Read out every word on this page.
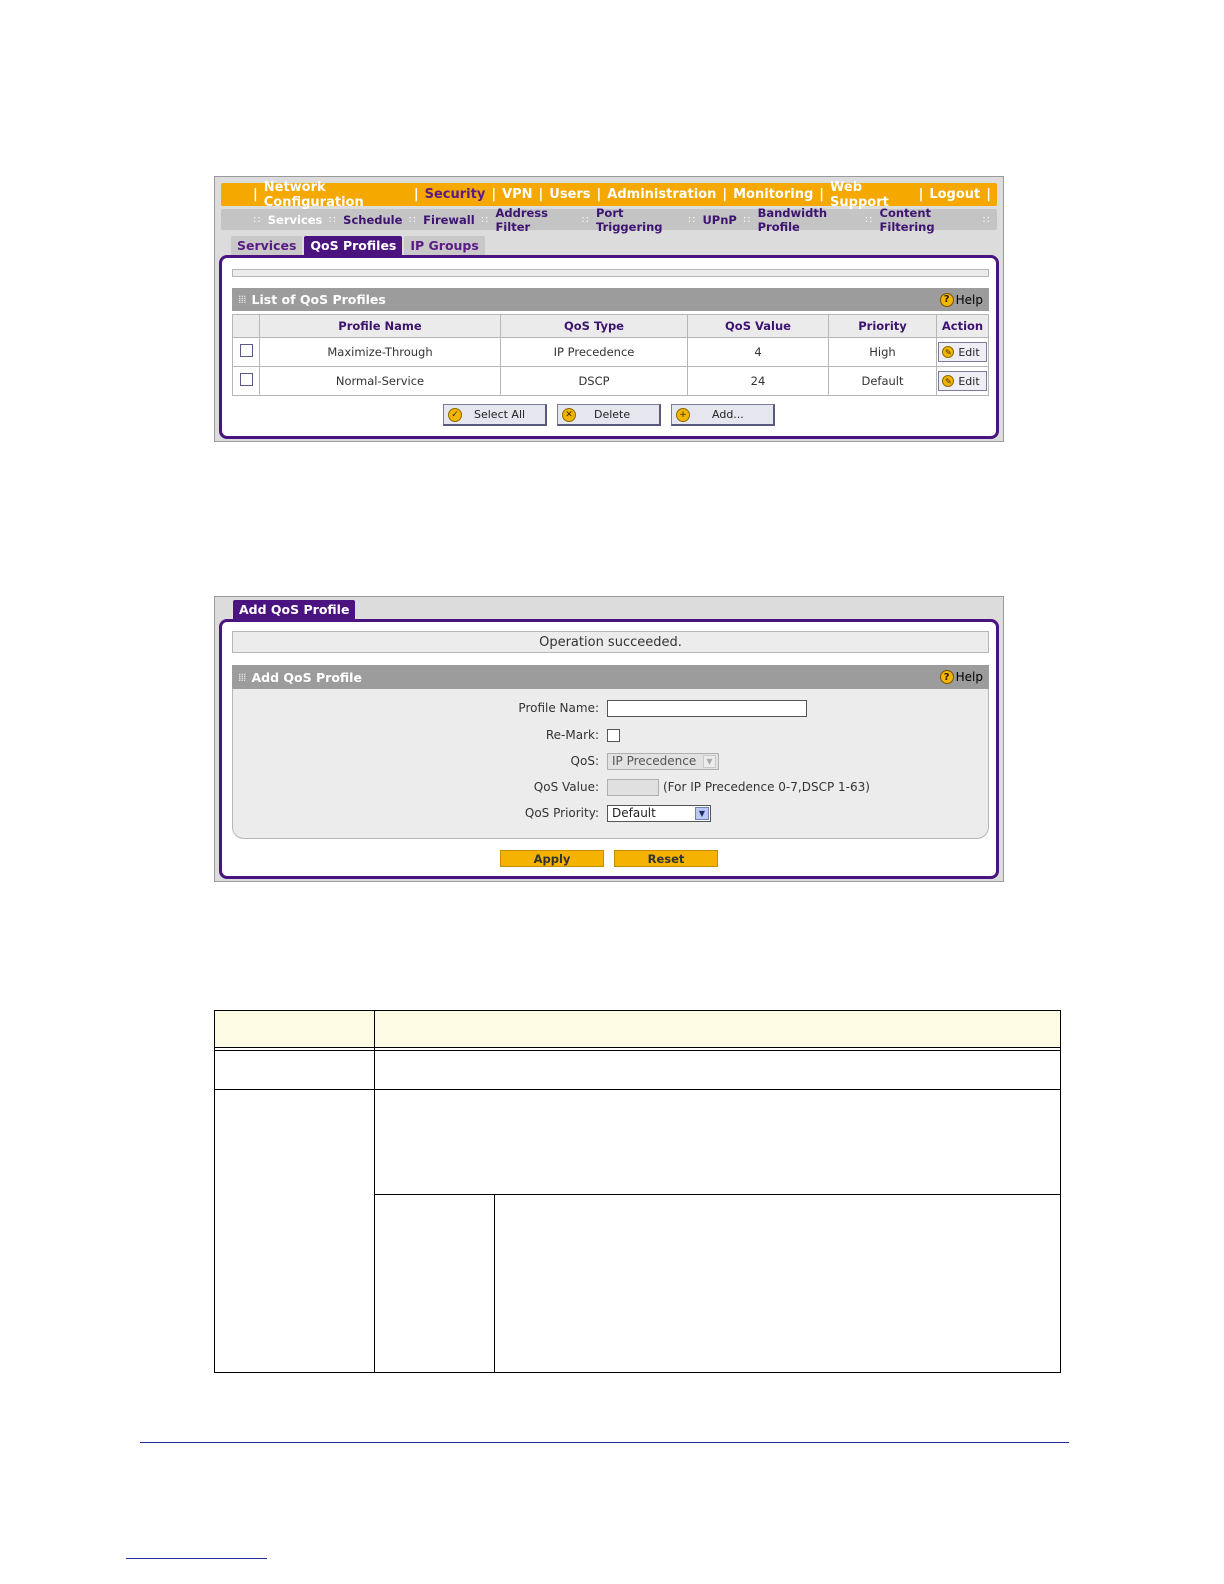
| Network Configuration	| Security | VPN | Users | Administration | Monitoring | Web Support	| Logout |
:: Services :: Schedule :: Firewall :: Address Filter	:: Port Triggering	:: UPnP :: Bandwidth Profile	:: Content Filtering	::
Services	QoS Profiles	IP Groups
⁞⁞⁞ List of QoS Profiles	? Help
	Profile Name	QoS Type	QoS Value	Priority	Action
	Maximize-Through	IP Precedence	4	High	✎ Edit

	Normal-Service	DSCP	24	Default	✎ Edit
✓ Select All	✕ Delete	+ Add...
Add QoS Profile
Operation succeeded.
⁞⁞⁞ Add QoS Profile	? Help
Profile Name:
Re-Mark:
QoS:	IP Precedence	▼
QoS Value:	(For IP Precedence 0-7,DSCP 1-63)
QoS Priority:	Default	▼
Apply	Reset
